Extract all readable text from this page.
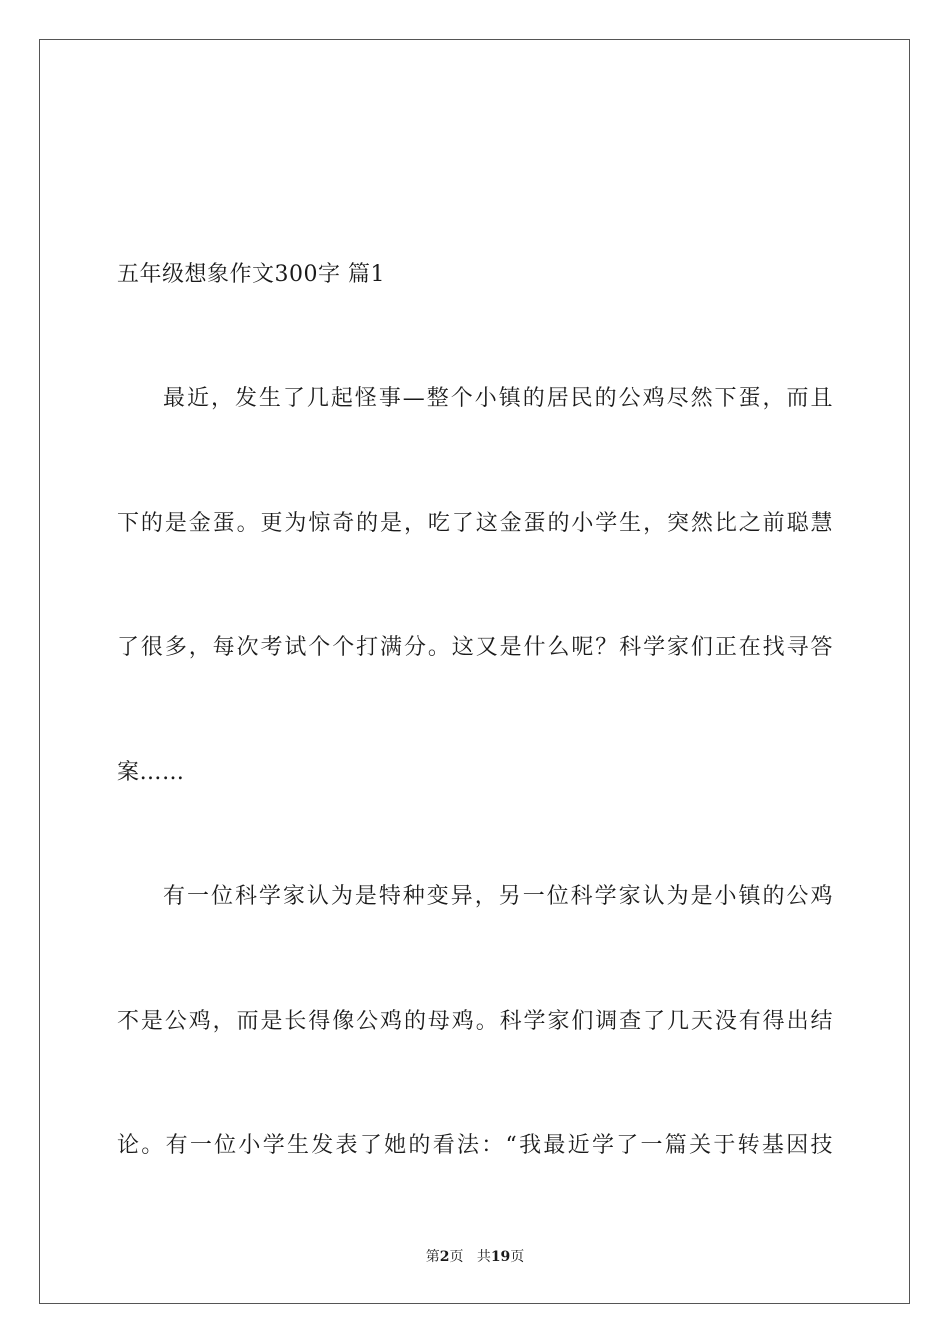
五年级想象作文300字 篇1
最近，发生了几起怪事—整个小镇的居民的公鸡尽然下蛋，而且
下的是金蛋。更为惊奇的是，吃了这金蛋的小学生，突然比之前聪慧
了很多，每次考试个个打满分。这又是什么呢？科学家们正在找寻答
案……
有一位科学家认为是特种变异，另一位科学家认为是小镇的公鸡
不是公鸡，而是长得像公鸡的母鸡。科学家们调查了几天没有得出结
论。有一位小学生发表了她的看法：“我最近学了一篇关于转基因技
第2页 共19页
